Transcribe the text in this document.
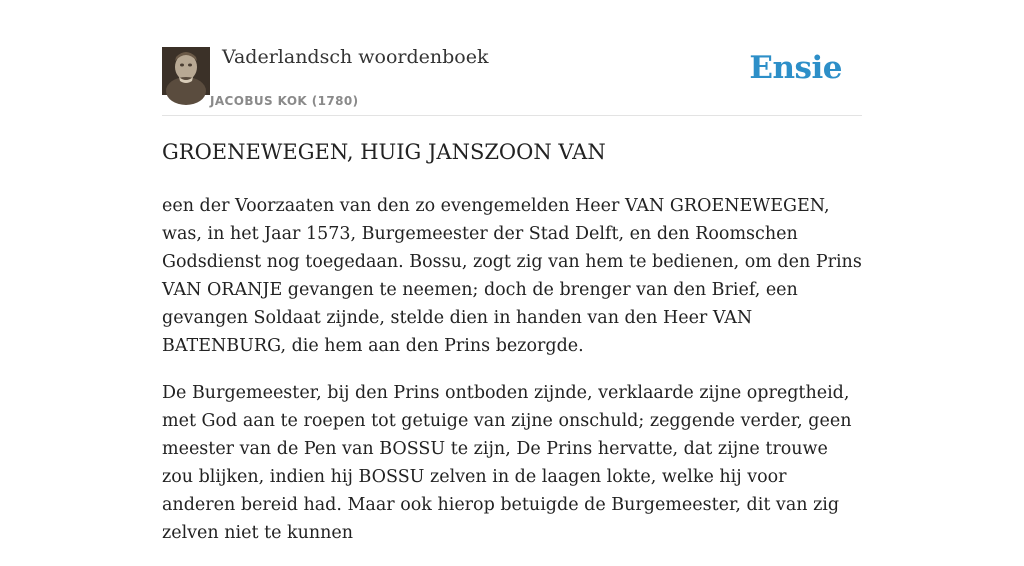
Vaderlandsch woordenboek
JACOBUS KOK (1780)
Ensie
GROENEWEGEN, HUIG JANSZOON VAN

een der Voorzaaten van den zo evengemelden Heer VAN GROENEWEGEN, was, in het Jaar 1573, Burgemeester der Stad Delft, en den Roomschen Godsdienst nog toegedaan. Bossu, zogt zig van hem te bedienen, om den Prins VAN ORANJE gevangen te neemen; doch de brenger van den Brief, een gevangen Soldaat zijnde, stelde dien in handen van den Heer VAN BATENBURG, die hem aan den Prins bezorgde.

De Burgemeester, bij den Prins ontboden zijnde, verklaarde zijne opregtheid, met God aan te roepen tot getuige van zijne onschuld; zeggende verder, geen meester van de Pen van BOSSU te zijn, De Prins hervatte, dat zijne trouwe zou blijken, indien hij BOSSU zelven in de laagen lokte, welke hij voor anderen bereid had. Maar ook hierop betuigde de Burgemeester, dit van zig zelven niet te kunnen
